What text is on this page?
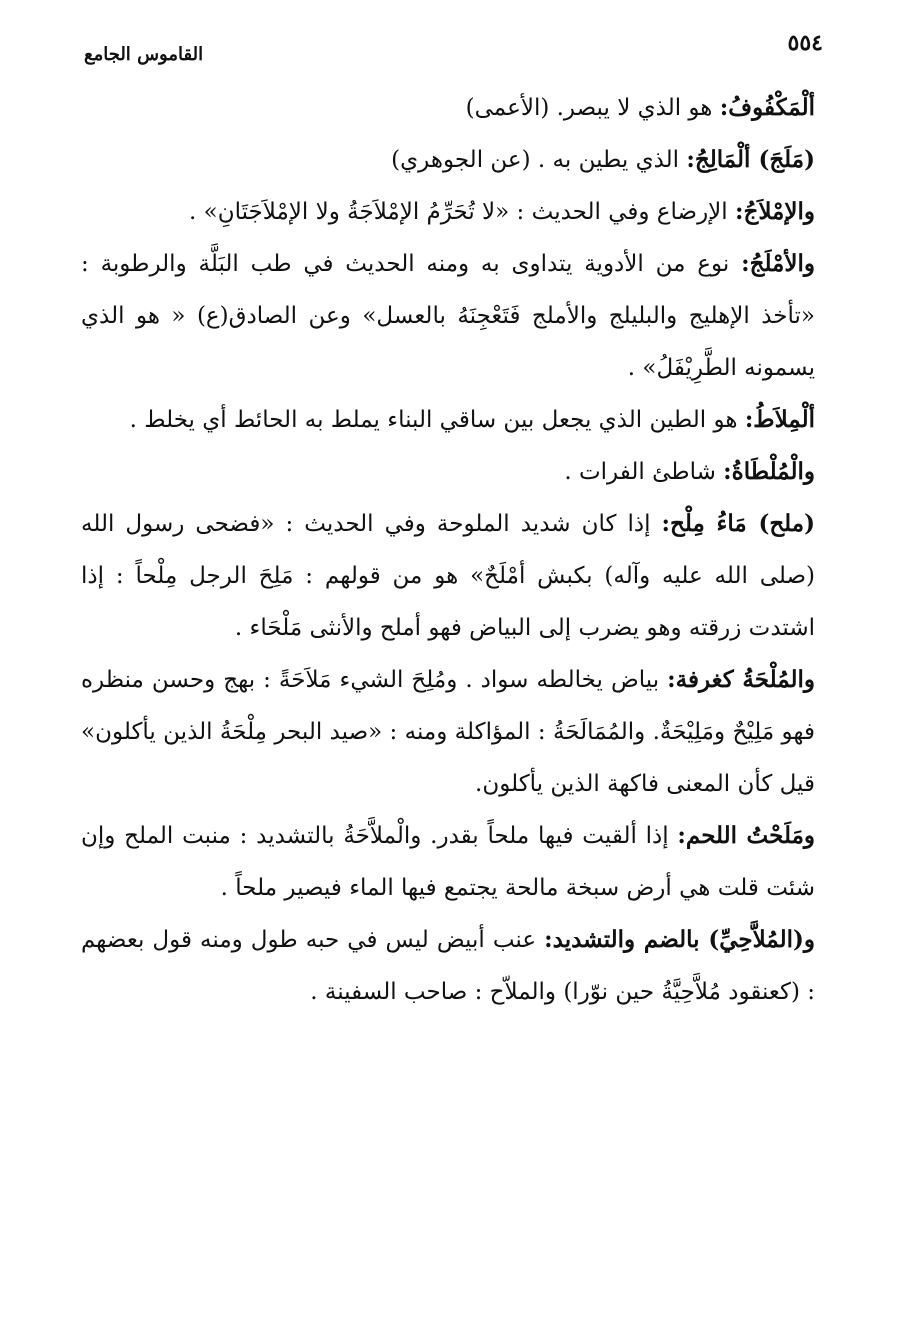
٥٥٤
القاموس الجامع

ألْمَكْفُوفُ: هو الذي لا يبصر. (الأعمى)

(مَلَجَ) ألْمَالِجُ: الذي يطين به . (عن الجوهري)

والإمْلاَجُ: الإرضاع وفي الحديث : «لا تُحَرِّمُ الإمْلاَجَةُ ولا الإمْلاَجَتَانِ» .

والأمْلَجُ: نوع من الأدوية يتداوى به ومنه الحديث في طب البَلَّة والرطوبة : «تأخذ الإهليج والبليلج والأملج فَتَعْجِنَهُ بالعسل» وعن الصادق(ع) « هو الذي يسمونه الطَّرِيْفَلُ» .

ألْمِلاَطُ: هو الطين الذي يجعل بين ساقي البناء يملط به الحائط أي يخلط .

والْمُلْطَاةُ: شاطئ الفرات .

(ملح) مَاءُ مِلْح: إذا كان شديد الملوحة وفي الحديث : «فضحى رسول الله (صلى الله عليه وآله) بكبش أمْلَحٌ» هو من قولهم : مَلِحَ الرجل مِلْحاً : إذا اشتدت زرقته وهو يضرب إلى البياض فهو أملح والأنثى مَلْحَاء .

والمُلْحَةُ كغرفة: بياض يخالطه سواد . ومُلِحَ الشيء مَلاَحَةً : بهج وحسن منظره فهو مَلِيْحٌ ومَلِيْحَةٌ. والمُمَالَحَةُ : المؤاكلة ومنه : «صيد البحر مِلْحَةُ الذين يأكلون» قيل كأن المعنى فاكهة الذين يأكلون.

ومَلَحْتُ اللحم: إذا ألقيت فيها ملحاً بقدر. والْملاَّحَةُ بالتشديد : منبت الملح وإن شئت قلت هي أرض سبخة مالحة يجتمع فيها الماء فيصير ملحاً .

و(المُلاَّحِيِّ) بالضم والتشديد: عنب أبيض ليس في حبه طول ومنه قول بعضهم : (كعنقود مُلاَّحِيَّةُ حين نوّرا) والملاّح : صاحب السفينة .
